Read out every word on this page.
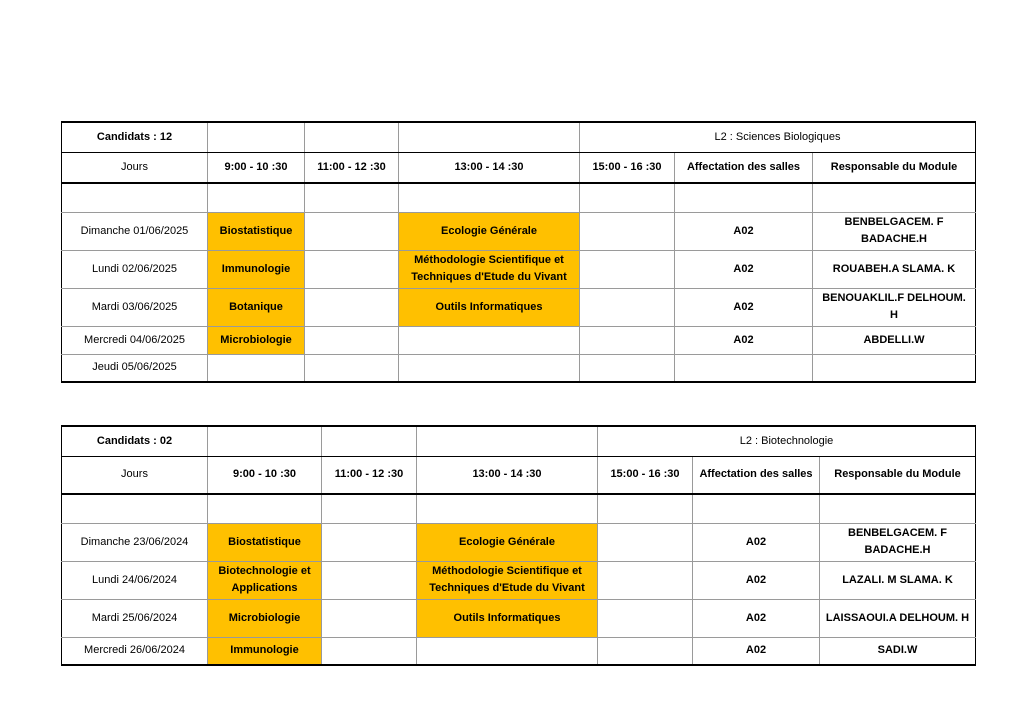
Candidats : 12				L2 : Sciences Biologiques		
Jours	9:00 - 10 :30	11:00 - 12 :30	13:00 - 14 :30	15:00 - 16 :30	Affectation des salles	Responsable du Module

Dimanche 01/06/2025	Biostatistique		Ecologie Générale		A02	BENBELGACEM. F BADACHE.H
Lundi 02/06/2025	Immunologie		Méthodologie Scientifique et Techniques d'Etude du Vivant		A02	ROUABEH.A SLAMA. K
Mardi 03/06/2025	Botanique		Outils Informatiques		A02	BENOUAKLIL.F DELHOUM. H
Mercredi 04/06/2025	Microbiologie				A02	ABDELLI.W
Jeudi 05/06/2025						
Candidats : 02				L2 : Biotechnologie		
Jours	9:00 - 10 :30	11:00 - 12 :30	13:00 - 14 :30	15:00 - 16 :30	Affectation des salles	Responsable du Module

Dimanche 23/06/2024	Biostatistique		Ecologie Générale		A02	BENBELGACEM. F BADACHE.H
Lundi 24/06/2024	Biotechnologie et Applications		Méthodologie Scientifique et Techniques d'Etude du Vivant		A02	LAZALI. M SLAMA. K
Mardi 25/06/2024	Microbiologie		Outils Informatiques		A02	LAISSAOUI.A DELHOUM. H
Mercredi 26/06/2024	Immunologie				A02	SADI.W
